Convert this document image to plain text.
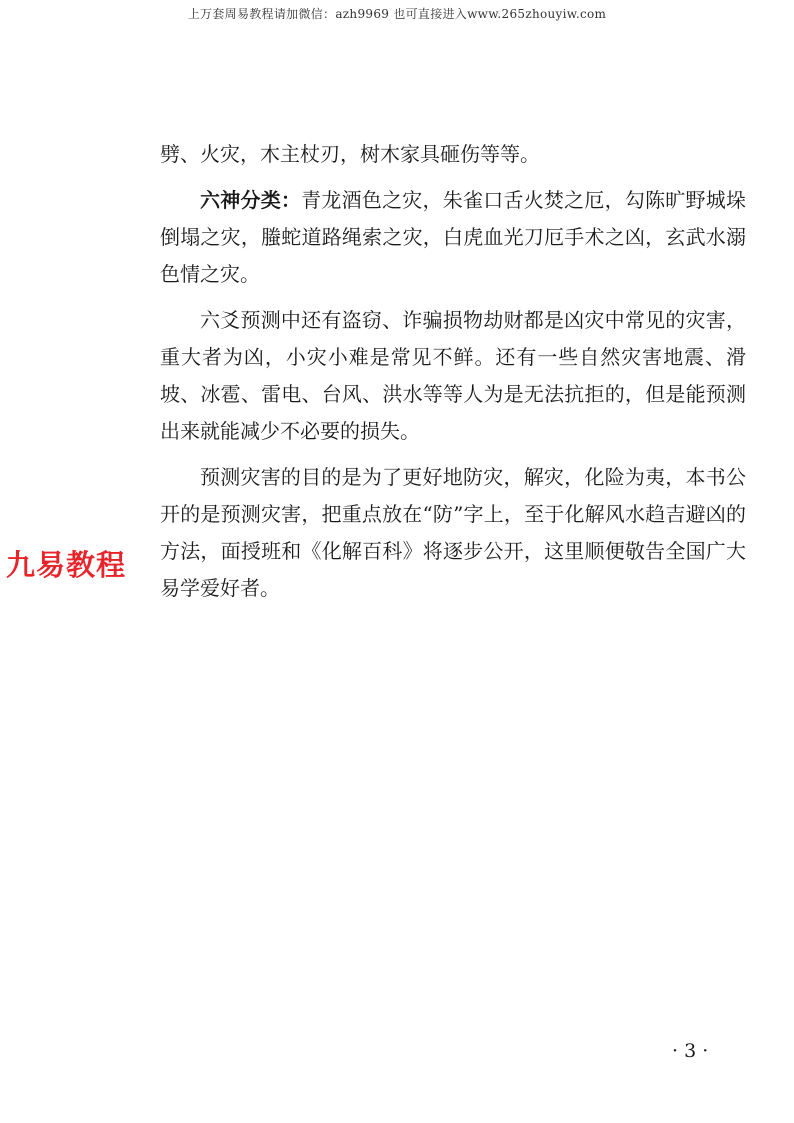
上万套周易教程请加微信：azh9969 也可直接进入www.265zhouyiw.com

劈、火灾，木主杖刃，树木家具砸伤等等。

六神分类：青龙酒色之灾，朱雀口舌火焚之厄，勾陈旷野城垛倒塌之灾，螣蛇道路绳索之灾，白虎血光刀厄手术之凶，玄武水溺色情之灾。

六爻预测中还有盗窃、诈骗损物劫财都是凶灾中常见的灾害，重大者为凶，小灾小难是常见不鲜。还有一些自然灾害地震、滑坡、冰雹、雷电、台风、洪水等等人为是无法抗拒的，但是能预测出来就能减少不必要的损失。

预测灾害的目的是为了更好地防灾，解灾，化险为夷，本书公开的是预测灾害，把重点放在“防”字上，至于化解风水趋吉避凶的方法，面授班和《化解百科》将逐步公开，这里顺便敬告全国广大易学爱好者。

九易教程
· 3 ·
